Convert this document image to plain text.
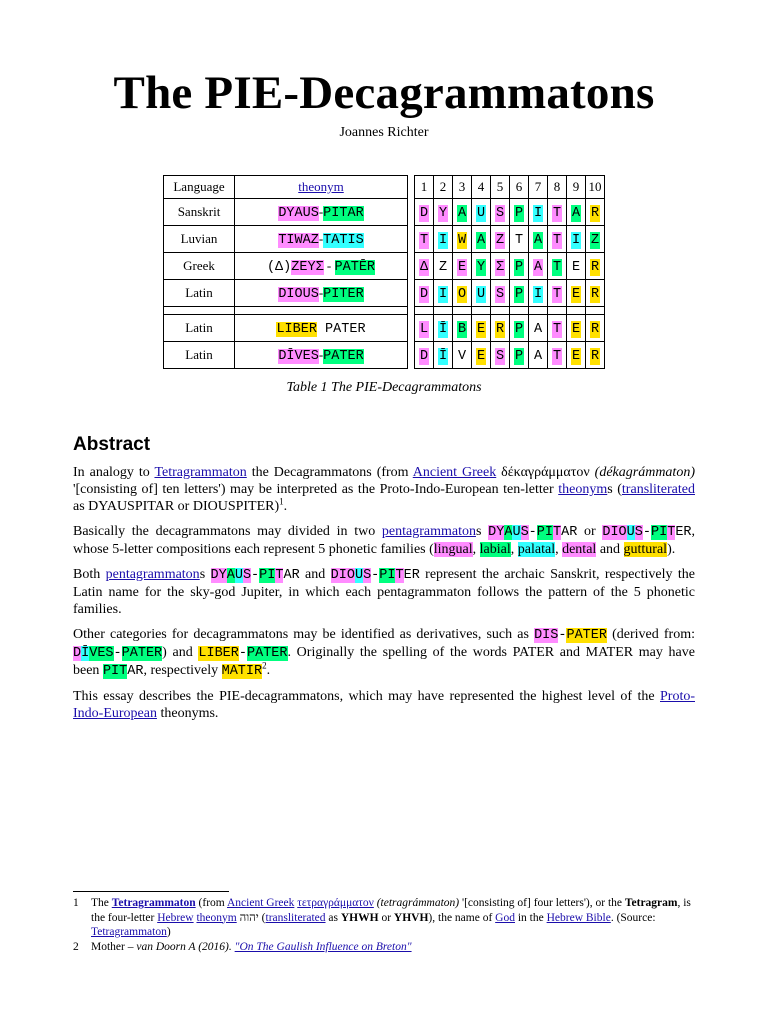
The PIE-Decagrammatons
Joannes Richter
Language	theonym		1	2	3	4	5	6	7	8	9	10
Sanskrit	DYAUS-PITAR		D	Y	A	U	S	P	I	T	A	R
Luvian	TIWAZ-TATIS		T	I	W	A	Z	T	A	T	I	Z
Greek	(Δ)ZEYΣ - PATĒR		Δ	Z	E	Y	Σ	P	A	T	E	R
Latin	DIOUS-PITER		D	I	O	U	S	P	I	T	E	R

Latin	LIBER PATER		L	Ī	B	E	R	P	A	T	E	R
Latin	DĪVES-PATER		D	Ī	V	E	S	P	A	T	E	R
Table 1 The PIE-Decagrammatons
Abstract

In analogy to Tetragrammaton the Decagrammatons (from Ancient Greek δέκαγράμματον (dékagrámmaton) '[consisting of] ten letters') may be interpreted as the Proto-Indo-European ten-letter theonyms (transliterated as DYAUSPITAR or DIOUSPITER)$^1$.

Basically the decagrammatons may divided in two pentagrammatons DYAUS-PITAR or DIOUS-PITER, whose 5-letter compositions each represent 5 phonetic families (lingual, labial, palatal, dental and guttural).

Both pentagrammatons DYAUS-PITAR and DIOUS-PITER represent the archaic Sanskrit, respectively the Latin name for the sky-god Jupiter, in which each pentagrammaton follows the pattern of the 5 phonetic families.

Other categories for decagrammatons may be identified as derivatives, such as DIS-PATER (derived from: DĪVES-PATER) and LIBER-PATER. Originally the spelling of the words PATER and MATER may have been PITAR, respectively MATIR$^2$.

This essay describes the PIE-decagrammatons, which may have represented the highest level of the Proto-Indo-European theonyms.

1 The Tetragrammaton (from Ancient Greek τετραγράμματον (tetragrámmaton) '[consisting of] four letters'), or the Tetragram, is the four-letter Hebrew theonym יהוה (transliterated as YHWH or YHVH), the name of God in the Hebrew Bible. (Source: Tetragrammaton)
2 Mother – van Doorn A (2016). "On The Gaulish Influence on Breton"
